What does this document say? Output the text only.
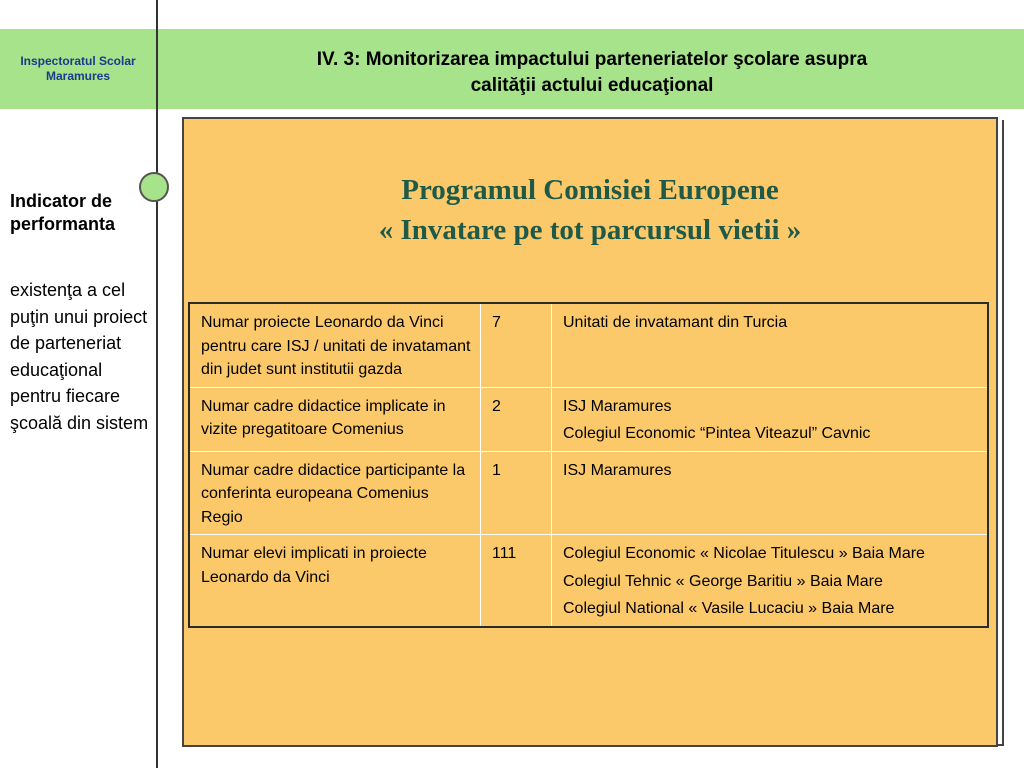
Inspectoratul Scolar
Maramures
IV. 3: Monitorizarea impactului parteneriatelor şcolare asupra
calităţii actului educaţional
Indicator de performanta
existenţa a cel puţin unui proiect de parteneriat educaţional pentru fiecare şcoală din sistem
Programul Comisiei Europene
« Invatare pe tot parcursul vietii »
Numar proiecte Leonardo da Vinci pentru care ISJ / unitati de invatamant din judet sunt institutii gazda	7	Unitati de invatamant din Turcia

Numar cadre didactice implicate in vizite pregatitoare Comenius	2	ISJ Maramures
Colegiul Economic “Pintea Viteazul” Cavnic

Numar cadre didactice participante la conferinta europeana Comenius Regio	1	ISJ Maramures

Numar elevi implicati in proiecte Leonardo da Vinci	111	Colegiul Economic « Nicolae Titulescu » Baia Mare
Colegiul Tehnic « George Baritiu » Baia Mare
Colegiul National « Vasile Lucaciu » Baia Mare
